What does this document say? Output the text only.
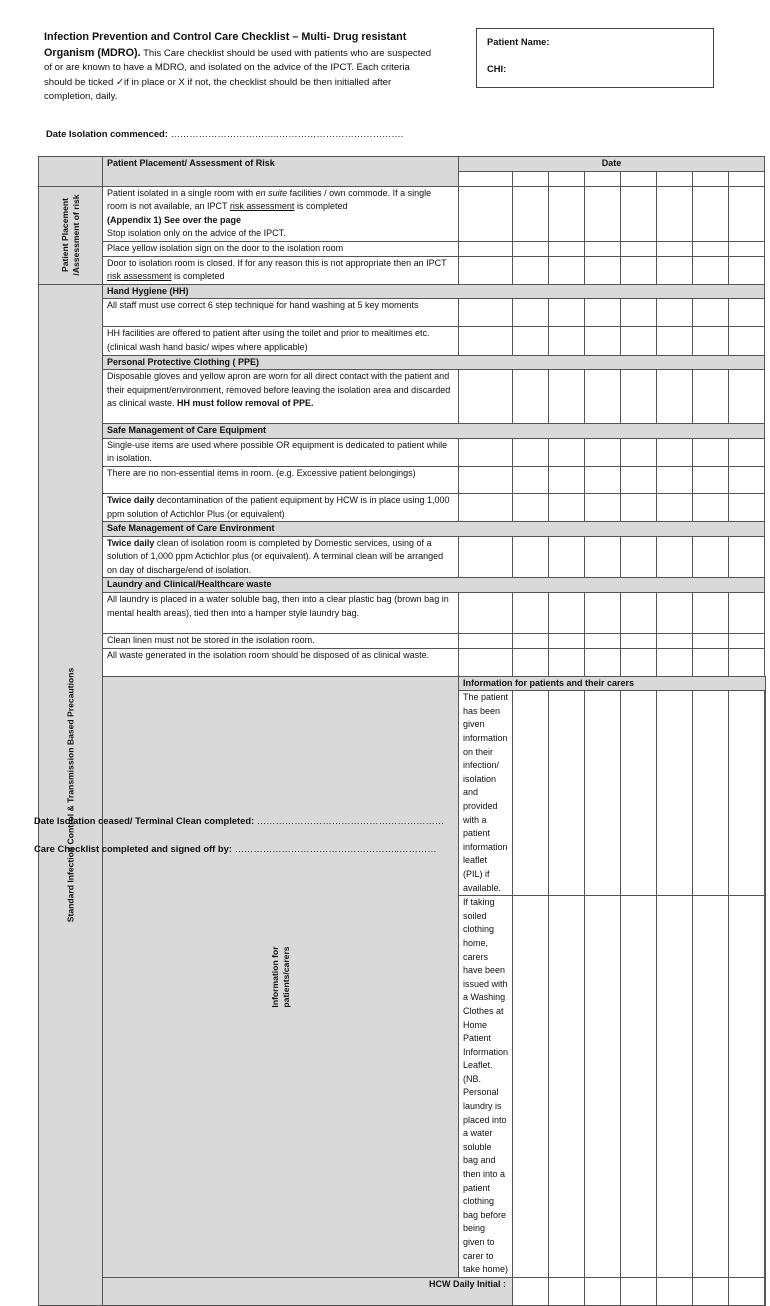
Infection Prevention and Control Care Checklist – Multi- Drug resistant Organism (MDRO). This Care checklist should be used with patients who are suspected of or are known to have a MDRO, and isolated on the advice of the IPCT. Each criteria should be ticked ✓if in place or X if not, the checklist should be then initialled after completion, daily.
Patient Name:
CHI:
Date Isolation commenced: ……………………………..………………………………….
	Patient Placement/ Assessment of Risk	Date								

Patient Placement /Assessment of risk	Patient isolated in a single room with en suite facilities / own commode. If a single room is not available, an IPCT risk assessment is completed
(Appendix 1) See over the page
Stop isolation only on the advice of the IPCT.									
	Place yellow isolation sign on the door to the isolation room									
	Door to isolation room is closed. If for any reason this is not appropriate then an IPCT risk assessment is completed									

Standard Infection Control & Transmission Based Precautions	Hand Hygiene (HH)									
	All staff must use correct 6 step technique for hand washing at 5 key moments									
	HH facilities are offered to patient after using the toilet and prior to mealtimes etc. (clinical wash hand basic/ wipes where applicable)									
	Personal Protective Clothing ( PPE)									
	Disposable gloves and yellow apron are worn for all direct contact with the patient and their equipment/environment, removed before leaving the isolation area and discarded as clinical waste. HH must follow removal of PPE.									
	Safe Management of Care Equipment									
	Single-use items are used where possible OR equipment is dedicated to patient while in isolation.									
	There are no non-essential items in room. (e.g. Excessive patient belongings)									
	Twice daily decontamination of the patient equipment by HCW is in place using 1,000 ppm solution of Actichlor Plus (or equivalent)									
	Safe Management of Care Environment									
	Twice daily clean of isolation room is completed by Domestic services, using of a solution of 1,000 ppm Actichlor plus (or equivalent). A terminal clean will be arranged on day of discharge/end of isolation.									
	Laundry and Clinical/Healthcare waste									
	All laundry is placed in a water soluble bag, then into a clear plastic bag (brown bag in mental health areas), tied then into a hamper style laundry bag.									
	Clean linen must not be stored in the isolation room.									
	All waste generated in the isolation room should be disposed of as clinical waste.									

	Information for patients/carers	Information for patients and their carers								
		The patient has been given information on their infection/ isolation and provided with a patient information leaflet (PIL) if available.								
		If taking soiled clothing home, carers have been issued with a Washing Clothes at Home Patient Information Leaflet.
(NB. Personal laundry is placed into a water soluble bag and then into a patient clothing bag before being given to carer to take home)								
	HCW Daily Initial :									
Date Isolation ceased/ Terminal Clean completed: ……………………………………………………
Care Checklist completed and signed off by: ……………………………………………..…………
